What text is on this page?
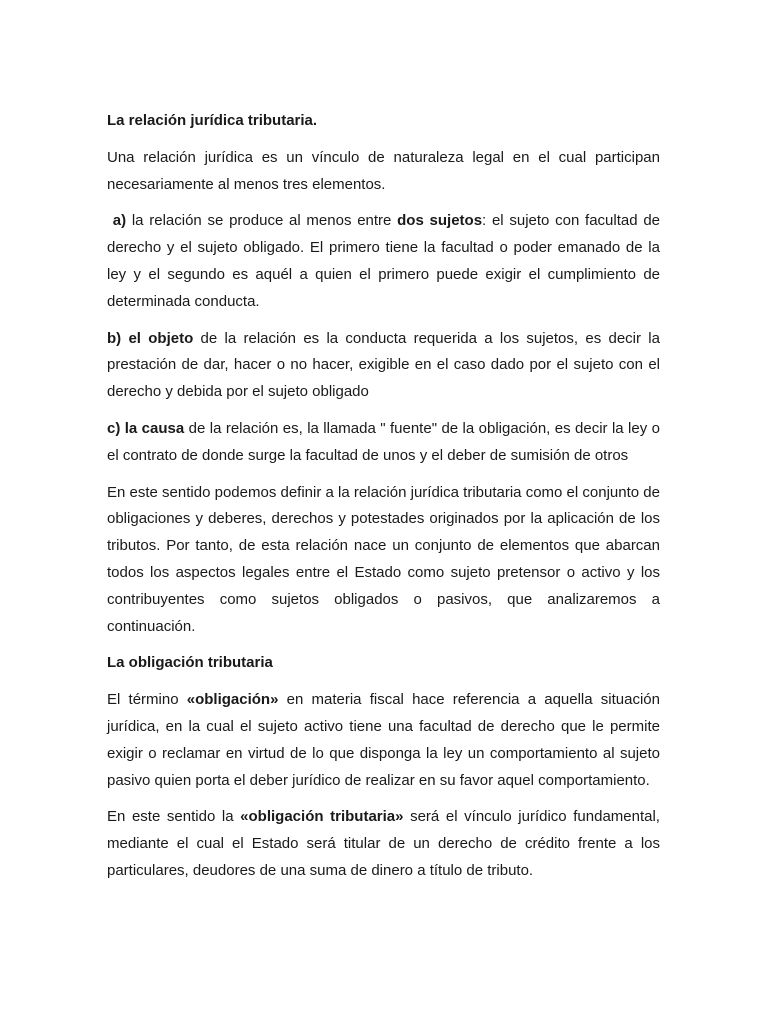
La relación jurídica tributaria.

Una relación jurídica es un vínculo de naturaleza legal en el cual participan necesariamente al menos tres elementos.

a) la relación se produce al menos entre dos sujetos: el sujeto con facultad de derecho y el sujeto obligado. El primero tiene la facultad o poder emanado de la ley y el segundo es aquél a quien el primero puede exigir el cumplimiento de determinada conducta.

b) el objeto de la relación es la conducta requerida a los sujetos, es decir la prestación de dar, hacer o no hacer, exigible en el caso dado por el sujeto con el derecho y debida por el sujeto obligado

c) la causa de la relación es, la llamada " fuente" de la obligación, es decir la ley o el contrato de donde surge la facultad de unos y el deber de sumisión de otros

En este sentido podemos definir a la relación jurídica tributaria como el conjunto de obligaciones y deberes, derechos y potestades originados por la aplicación de los tributos. Por tanto, de esta relación nace un conjunto de elementos que abarcan todos los aspectos legales entre el Estado como sujeto pretensor o activo y los contribuyentes como sujetos obligados o pasivos, que analizaremos a continuación.

La obligación tributaria

El término «obligación» en materia fiscal hace referencia a aquella situación jurídica, en la cual el sujeto activo tiene una facultad de derecho que le permite exigir o reclamar en virtud de lo que disponga la ley un comportamiento al sujeto pasivo quien porta el deber jurídico de realizar en su favor aquel comportamiento.

En este sentido la «obligación tributaria» será el vínculo jurídico fundamental, mediante el cual el Estado será titular de un derecho de crédito frente a los particulares, deudores de una suma de dinero a título de tributo.
